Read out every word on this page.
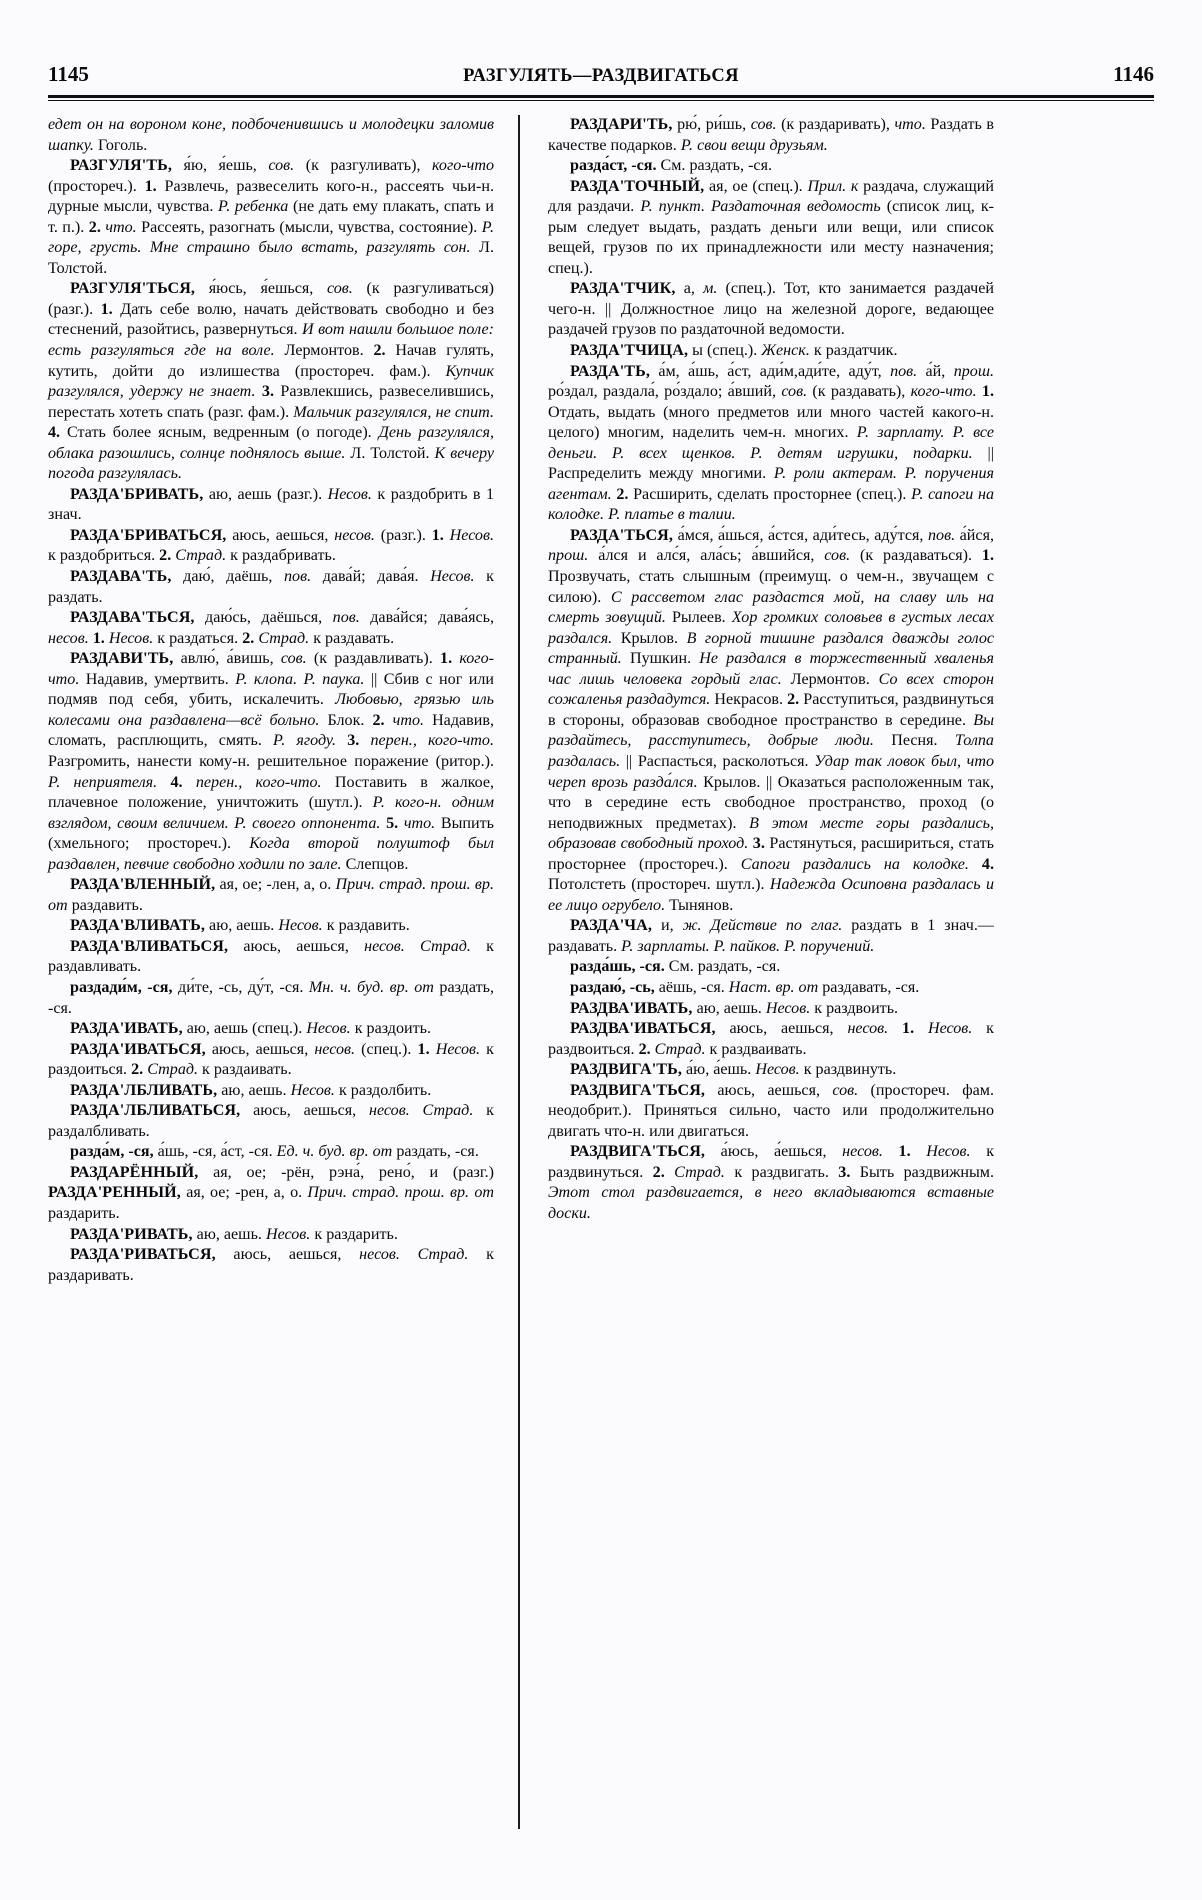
1145	РАЗГУЛЯТЬ—РАЗДВИГАТЬСЯ	1146

едет он на вороном коне, подбоченившись и молодецки заломив шапку. Гоголь.

РАЗГУЛЯ'ТЬ, я́ю, я́ешь, сов. (к разгуливать), кого-что (простореч.). 1. Развлечь, развеселить кого-н., рассеять чьи-н. дурные мысли, чувства. Р. ребенка (не дать ему плакать, спать и т. п.). 2. что. Рассеять, разогнать (мысли, чувства, состояние). Р. горе, грусть. Мне страшно было встать, разгулять сон. Л. Толстой.

РАЗГУЛЯ'ТЬСЯ, я́юсь, я́ешься, сов. (к разгуливаться) (разг.). 1. Дать себе волю, начать действовать свободно и без стеснений, разойтись, развернуться. И вот нашли большое поле: есть разгуляться где на воле. Лермонтов. 2. Начав гулять, кутить, дойти до излишества (простореч. фам.). Купчик разгулялся, удержу не знает. 3. Развлекшись, развеселившись, перестать хотеть спать (разг. фам.). Мальчик разгулялся, не спит. 4. Стать более ясным, ведренным (о погоде). День разгулялся, облака разошлись, солнце поднялось выше. Л. Толстой. К вечеру погода разгулялась.

РАЗДА'БРИВАТЬ, аю, аешь (разг.). Несов. к раздобрить в 1 знач.

РАЗДА'БРИВАТЬСЯ, аюсь, аешься, несов. (разг.). 1. Несов. к раздобриться. 2. Страд. к раздабривать.

РАЗДАВА'ТЬ, даю́, даёшь, пов. дава́й; дава́я. Несов. к раздать.

РАЗДАВА'ТЬСЯ, даю́сь, даёшься, пов. дава́йся; дава́ясь, несов. 1. Несов. к раздаться. 2. Страд. к раздавать.

РАЗДАВИ'ТЬ, авлю́, а́вишь, сов. (к раздавливать). 1. кого-что. Надавив, умертвить. Р. клопа. Р. паука. || Сбив с ног или подмяв под себя, убить, искалечить. Любовью, грязью иль колесами она раздавлена—всё больно. Блок. 2. что. Надавив, сломать, расплющить, смять. Р. ягоду. 3. перен., кого-что. Разгромить, нанести кому-н. решительное поражение (ритор.). Р. неприятеля. 4. перен., кого-что. Поставить в жалкое, плачевное положение, уничтожить (шутл.). Р. кого-н. одним взглядом, своим величием. Р. своего оппонента. 5. что. Выпить (хмельного; простореч.). Когда второй полуштоф был раздавлен, певчие свободно ходили по зале. Слепцов.

РАЗДА'ВЛЕННЫЙ, ая, ое; -лен, а, о. Прич. страд. прош. вр. от раздавить.

РАЗДА'ВЛИВАТЬ, аю, аешь. Несов. к раздавить.

РАЗДА'ВЛИВАТЬСЯ, аюсь, аешься, несов. Страд. к раздавливать.

раздади́м, -ся, ди́те, -сь, ду́т, -ся. Мн. ч. буд. вр. от раздать, -ся.

РАЗДА'ИВАТЬ, аю, аешь (спец.). Несов. к раздоить.

РАЗДА'ИВАТЬСЯ, аюсь, аешься, несов. (спец.). 1. Несов. к раздоиться. 2. Страд. к раздаивать.

РАЗДА'ЛБЛИВАТЬ, аю, аешь. Несов. к раздолбить.

РАЗДА'ЛБЛИВАТЬСЯ, аюсь, аешься, несов. Страд. к раздалбливать.

разда́м, -ся, а́шь, -ся, а́ст, -ся. Ед. ч. буд. вр. от раздать, -ся.

РАЗДАРЁННЫЙ, ая, ое; -рён, рэна́, рено́, и (разг.) РАЗДА'РЕННЫЙ, ая, ое; -рен, а, о. Прич. страд. прош. вр. от раздарить.

РАЗДА'РИВАТЬ, аю, аешь. Несов. к раздарить.

РАЗДА'РИВАТЬСЯ, аюсь, аешься, несов. Страд. к раздаривать.

РАЗДАРИ'ТЬ, рю́, ри́шь, сов. (к раздаривать), что. Раздать в качестве подарков. Р. свои вещи друзьям.

разда́ст, -ся. См. раздать, -ся.

РАЗДА'ТОЧНЫЙ, ая, ое (спец.). Прил. к раздача, служащий для раздачи. Р. пункт. Раздаточная ведомость (список лиц, к-рым следует выдать, раздать деньги или вещи, или список вещей, грузов по их принадлежности или месту назначения; спец.).

РАЗДА'ТЧИК, а, м. (спец.). Тот, кто занимается раздачей чего-н. || Должностное лицо на железной дороге, ведающее раздачей грузов по раздаточной ведомости.

РАЗДА'ТЧИЦА, ы (спец.). Женск. к раздатчик.

РАЗДА'ТЬ, а́м, а́шь, а́ст, ади́м,ади́те, аду́т, пов. а́й, прош. ро́здал, раздала́, ро́здало; а́вший, сов. (к раздавать), кого-что. 1. Отдать, выдать (много предметов или много частей какого-н. целого) многим, наделить чем-н. многих. Р. зарплату. Р. все деньги. Р. всех щенков. Р. детям игрушки, подарки. || Распределить между многими. Р. роли актерам. Р. поручения агентам. 2. Расширить, сделать просторнее (спец.). Р. сапоги на колодке. Р. платье в талии.

РАЗДА'ТЬСЯ, а́мся, а́шься, а́стся, ади́тесь, аду́тся, пов. а́йся, прош. а́лся и алс́я, ала́сь; а́вшийся, сов. (к раздаваться). 1. Прозвучать, стать слышным (преимущ. о чем-н., звучащем с силою). С рассветом глас раздастся мой, на славу иль на смерть зовущий. Рылеев. Хор громких соловьев в густых лесах раздался. Крылов. В горной тишине раздался дважды голос странный. Пушкин. Не раздался в торжественный хваленья час лишь человека гордый глас. Лермонтов. Со всех сторон сожаленья раздадутся. Некрасов. 2. Расступиться, раздвинуться в стороны, образовав свободное пространство в середине. Вы раздайтесь, расступитесь, добрые люди. Песня. Толпа раздалась. || Распасться, расколоться. Удар так ловок был, что череп врозь разда́лся. Крылов. || Оказаться расположенным так, что в середине есть свободное пространство, проход (о неподвижных предметах). В этом месте горы раздались, образовав свободный проход. 3. Растянуться, расшириться, стать просторнее (простореч.). Сапоги раздались на колодке. 4. Потолстеть (простореч. шутл.). Надежда Осиповна раздалась и ее лицо огрубело. Тынянов.

РАЗДА'ЧА, и, ж. Действие по глаг. раздать в 1 знач.—раздавать. Р. зарплаты. Р. пайков. Р. поручений.

разда́шь, -ся. См. раздать, -ся.

раздаю́, -сь, аёшь, -ся. Наст. вр. от раздавать, -ся.

РАЗДВА'ИВАТЬ, аю, аешь. Несов. к раздвоить.

РАЗДВА'ИВАТЬСЯ, аюсь, аешься, несов. 1. Несов. к раздвоиться. 2. Страд. к раздваивать.

РАЗДВИГА'ТЬ, а́ю, а́ешь. Несов. к раздвинуть.

РАЗДВИГА'ТЬСЯ, аюсь, аешься, сов. (простореч. фам. неодобрит.). Приняться сильно, часто или продолжительно двигать что-н. или двигаться.

РАЗДВИГА'ТЬСЯ, а́юсь, а́ешься, несов. 1. Несов. к раздвинуться. 2. Страд. к раздвигать. 3. Быть раздвижным. Этот стол раздвигается, в него вкладываются вставные доски.
